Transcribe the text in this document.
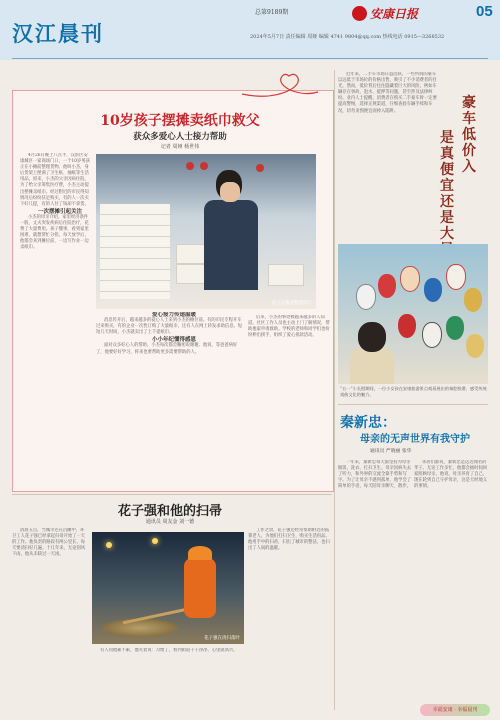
汉江晨刊
总第9189期	安康日报	05
2024年5月7日 责任编辑 周娅 编辑 4741 9804@qq.com 热线电话 0915—3268532
10岁孩子摆摊卖纸巾救父
获众多爱心人士接力帮助
记者 周娅 杨世伟
孩子在摊前整理纸巾

4月26日晚上八点半，汉滨区安康城区一家商场门口，一个10岁男孩正在小摊前整理货物。他叫小杰，身后货架上摆满了卫生纸、抽纸等生活用品。原来，小杰的父亲因病住院，为了给父亲筹集医疗费，小杰主动提出摆摊卖纸巾。经过附近的市民得知情况后纷纷驻足购买，有的人一次买下好几提，有的人付了钱却不拿货。

一次摆摊引起关注

小杰的母亲介绍，家里经济条件一般，丈夫突发疾病后住院治疗，花费了大量费用。孩子懂事，看到家里困难，就想帮忙分担。每天放学后，他都会来到摊位前，一边写作业一边卖纸巾。

爱心接力传递温暖

消息传开后，越来越多的爱心人士来到小杰的摊位前。有的市民专程开车过来购买，有的企业一次性订购了大量纸巾，还有人在网上转发求助信息。短短几天时间，小杰就卖出了上千提纸巾。

小小年纪懂得感恩

面对众多好心人的帮助，小杰每次都会鞠躬说谢谢。他说，等爸爸病好了，他要好好学习，将来也要帮助更多需要帮助的人。

后来，小杰的事迹被越来越多的人知道。社区工作人员也主动上门了解情况，帮助他家申请救助。学校的老师和同学们也纷纷伸出援手，组织了爱心捐款活动。
近年来，二手车市场日益活跃，一些所谓的豪车以远低于市场价的价格出售，吸引了不少消费者的目光。然而，低价背后往往隐藏着巨大的风险，例如车辆存在事故、泡水、抵押等问题，甚至涉及法律纠纷。业内人士提醒，消费者在购买二手豪车时一定要提高警惕，选择正规渠道，仔细查验车辆手续和车况，切勿贪图便宜而掉入陷阱。
豪车低价入
是真便宜还是大
“五一”小长假期间，一位小女孩在安康旅游景点观看展出的秦腔脸谱，感受传统戏曲文化的魅力。
秦新忠：
母亲的无声世界有我守护
通讯员 严晓丽 张华
一年来，秦新忠每天都坚持为母亲做饭、洗衣、打扫卫生。母亲因病失去了听力，和外界的交流全靠手势和写字。为了让母亲不感到孤单，他学会了简单的手语，每天陪母亲聊天、散步。
邻居们都说，秦新忠是远近闻名的孝子。无论工作多忙，他都会抽时间回家照顾母亲。他说，母亲养育了自己，现在轮到自己守护母亲，这是天经地义的事情。
花子强和他的扫帚
通讯员 周友金 刘一德
清晨五点，当城市还在沉睡中，环卫工人花子强已经拿起扫帚开始了一天的工作。他负责的路段有两公里长，每天要清扫好几遍。十几年来，无论刮风下雨，他从未缺过一天岗。
花子强在清扫落叶
有人问他累不累，他笑着说：习惯了，看到街道干干净净，心里就高兴。
工作之余，花子强还经常帮助附近的孤寡老人，为他们打扫卫生、购买生活用品。他用手中的扫帚，扫出了城市的整洁，也扫出了人间的温暖。
幸福安康 · 幸福晨刊
